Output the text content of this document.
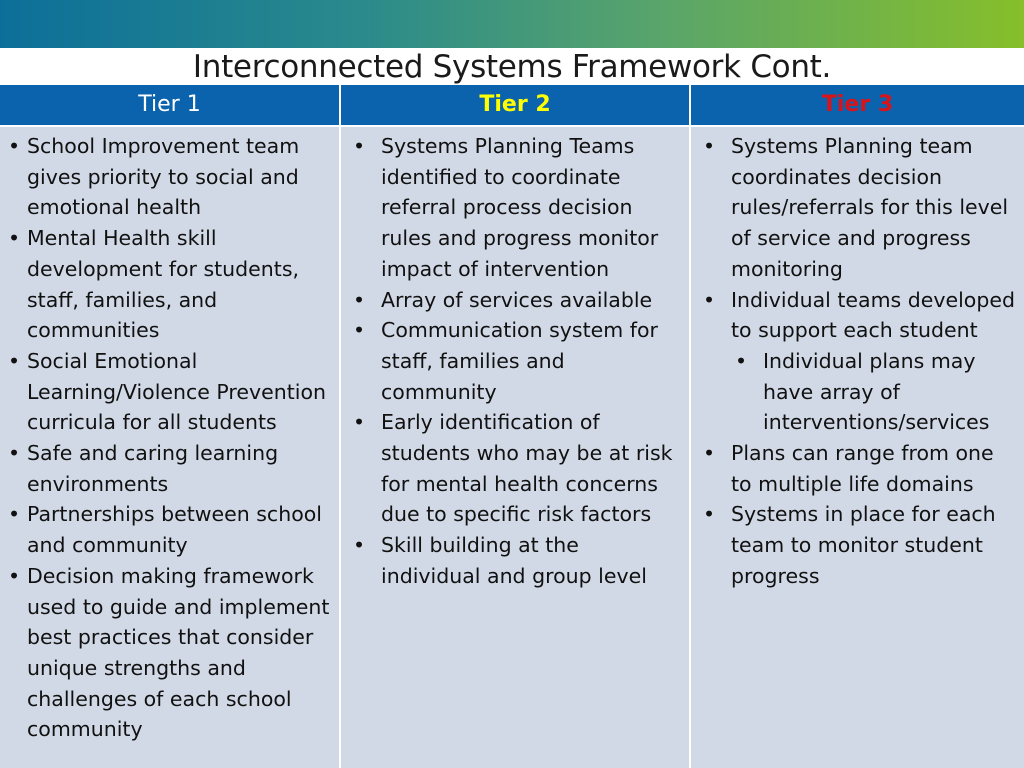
Interconnected Systems Framework Cont.
Tier 1	Tier 2	Tier 3
• School Improvement team gives priority to social and emotional health
• Mental Health skill development for students, staff, families, and communities
• Social Emotional Learning/Violence Prevention curricula for all students
• Safe and caring learning environments
• Partnerships between school and community
• Decision making framework used to guide and implement best practices that consider unique strengths and challenges of each school community
• Systems Planning Teams identified to coordinate referral process decision rules and progress monitor impact of intervention
• Array of services available
• Communication system for staff, families and community
• Early identification of students who may be at risk for mental health concerns due to specific risk factors
• Skill building at the individual and group level
• Systems Planning team coordinates decision rules/referrals for this level of service and progress monitoring
• Individual teams developed to support each student
• Individual plans may have array of interventions/services
• Plans can range from one to multiple life domains
• Systems in place for each team to monitor student progress
